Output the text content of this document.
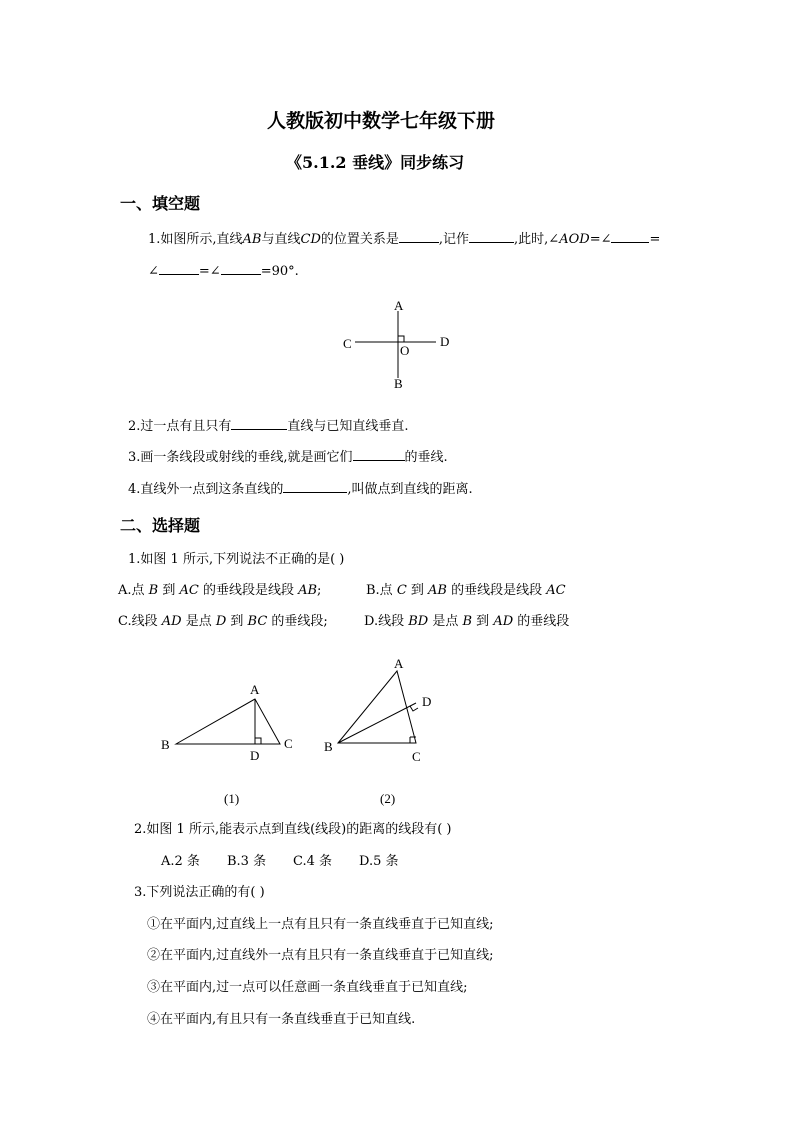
人教版初中数学七年级下册
《5.1.2 垂线》同步练习
一、填空题
1.如图所示,直线AB与直线CD的位置关系是	,记作	,此时,∠AOD=∠	=
∠	=∠	=90°.
A
B
C	D
O
2.过一点有且只有	直线与已知直线垂直.
3.画一条线段或射线的垂线,就是画它们	的垂线.
4.直线外一点到这条直线的	,叫做点到直线的距离.
二、选择题
1.如图 1 所示,下列说法不正确的是( )
A.点 B 到 AC 的垂线段是线段 AB;	B.点 C 到 AB 的垂线段是线段 AC
C.线段 AD 是点 D 到 BC 的垂线段;	D.线段 BD 是点 B 到 AD 的垂线段
A
B	C
D
(1)
A
B
C
D
(2)
2.如图 1 所示,能表示点到直线(线段)的距离的线段有( )
A.2 条 B.3 条 C.4 条 D.5 条
3.下列说法正确的有( )
①在平面内,过直线上一点有且只有一条直线垂直于已知直线;
②在平面内,过直线外一点有且只有一条直线垂直于已知直线;
③在平面内,过一点可以任意画一条直线垂直于已知直线;
④在平面内,有且只有一条直线垂直于已知直线.
